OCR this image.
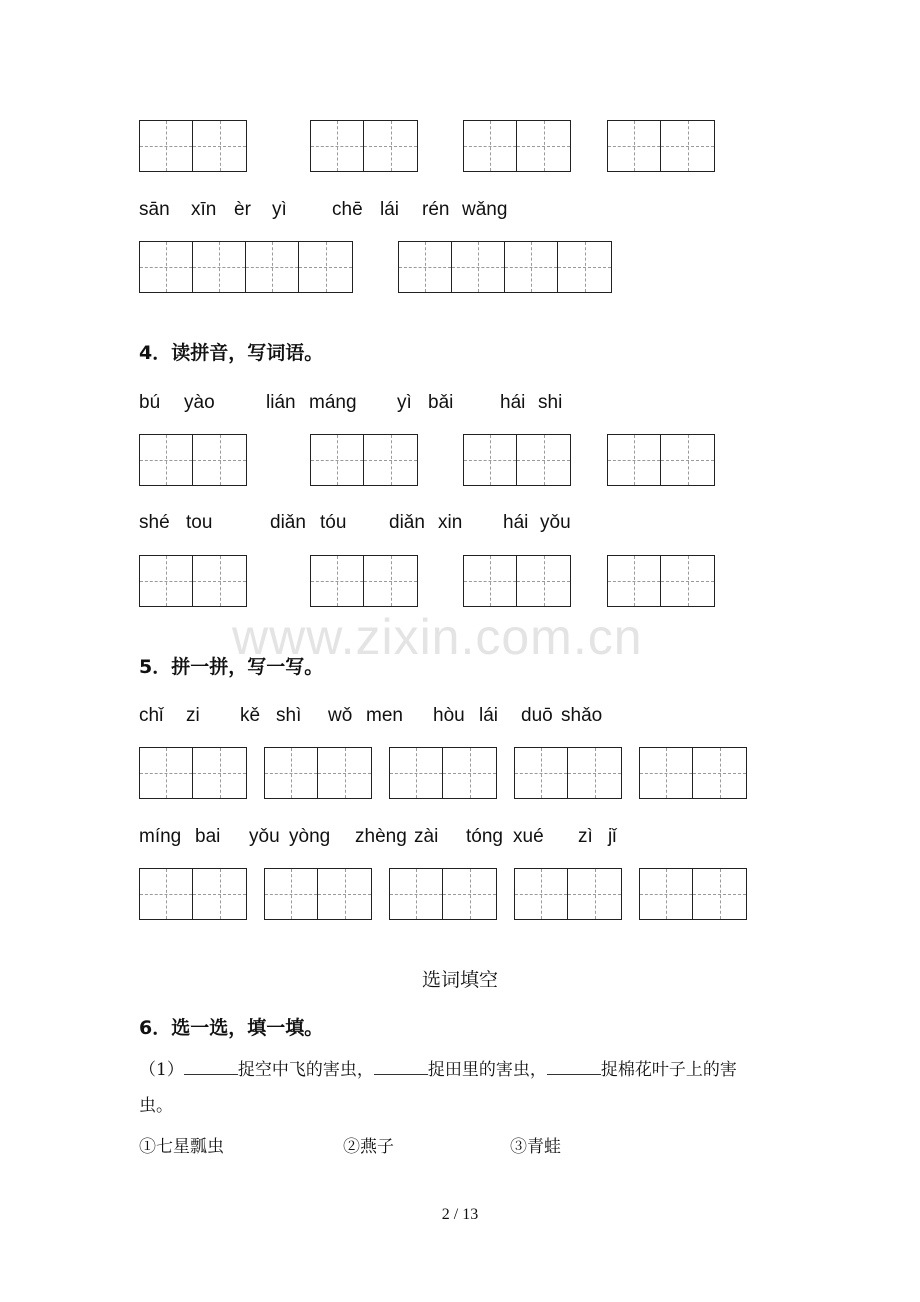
sān xīn èr yì chē lái rén wǎng
4．读拼音，写词语。
bú yào	lián máng yì bǎi hái shi
shé tou	diǎn tóu diǎn xin hái yǒu
www.zixin.com.cn
5．拼一拼，写一写。
chǐ zi kě shì wǒ men hòu lái duō shǎo
míng bai yǒu yòng zhèng zài tóng xué zì jǐ
选词填空
6．选一选，填一填。
（1）	捉空中飞的害虫，	捉田里的害虫，	捉棉花叶子上的害
虫。
①七星瓢虫	②燕子	③青蛙
2 / 13
